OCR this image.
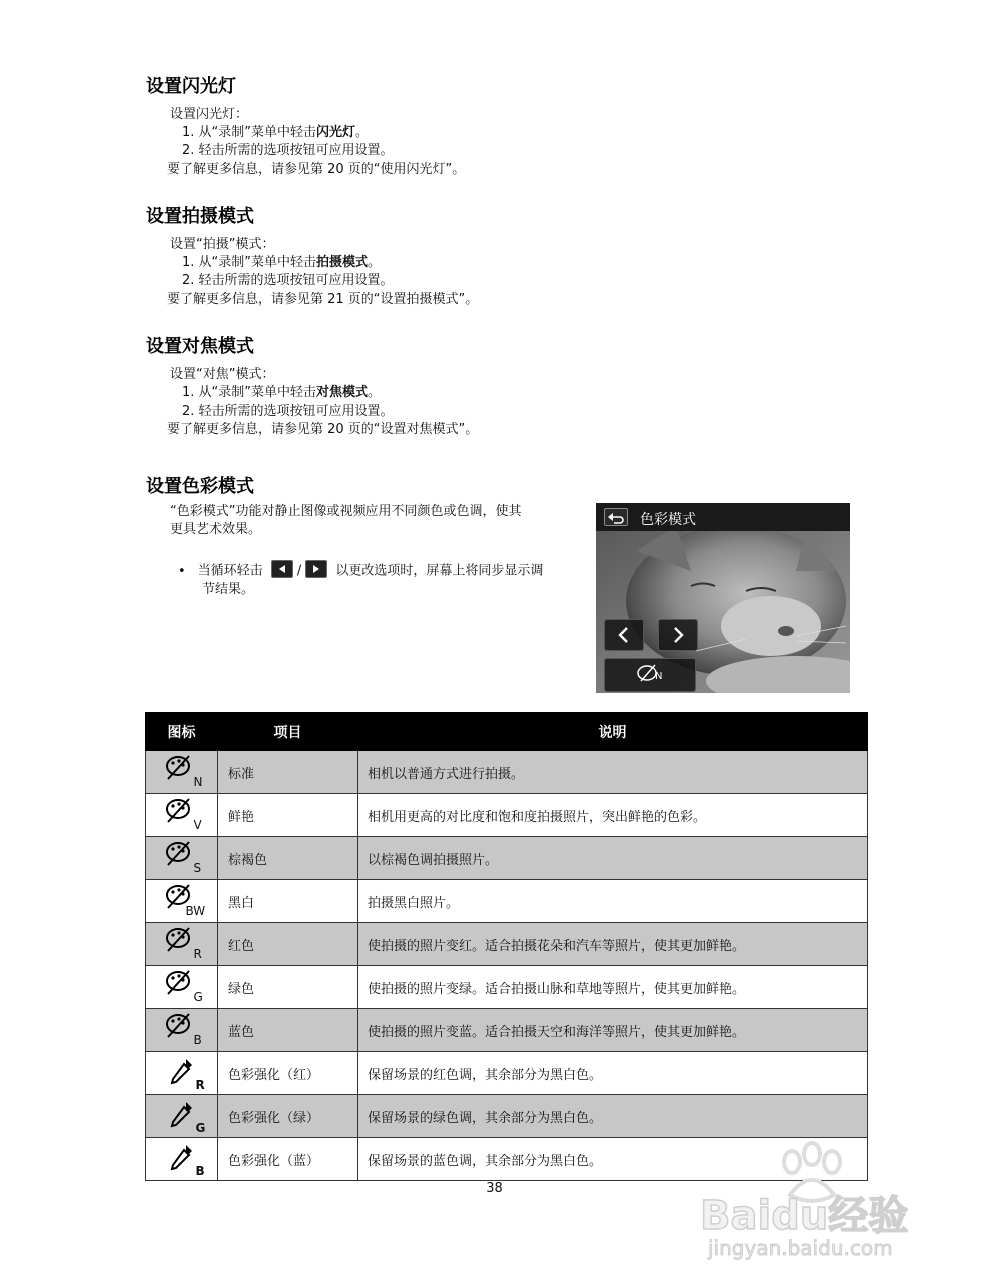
设置闪光灯
设置闪光灯：
1. 从“录制”菜单中轻击闪光灯。
2. 轻击所需的选项按钮可应用设置。
要了解更多信息，请参见第 20 页的“使用闪光灯”。
设置拍摄模式
设置“拍摄”模式：
1. 从“录制”菜单中轻击拍摄模式。
2. 轻击所需的选项按钮可应用设置。
要了解更多信息，请参见第 21 页的“设置拍摄模式”。
设置对焦模式
设置“对焦”模式：
1. 从“录制”菜单中轻击对焦模式。
2. 轻击所需的选项按钮可应用设置。
要了解更多信息，请参见第 20 页的“设置对焦模式”。
设置色彩模式
“色彩模式”功能对静止图像或视频应用不同颜色或色调，使其
更具艺术效果。
• 当循环轻击	/	以更改选项时，屏幕上将同步显示调
节结果。
色彩模式
N
图标	项目	说明

N	标准	相机以普通方式进行拍摄。

V	鲜艳	相机用更高的对比度和饱和度拍摄照片，突出鲜艳的色彩。

S	棕褐色	以棕褐色调拍摄照片。

BW	黑白	拍摄黑白照片。

R	红色	使拍摄的照片变红。适合拍摄花朵和汽车等照片，使其更加鲜艳。

G	绿色	使拍摄的照片变绿。适合拍摄山脉和草地等照片，使其更加鲜艳。

B	蓝色	使拍摄的照片变蓝。适合拍摄天空和海洋等照片，使其更加鲜艳。

R	色彩强化（红）	保留场景的红色调，其余部分为黑白色。

G	色彩强化（绿）	保留场景的绿色调，其余部分为黑白色。

B	色彩强化（蓝）	保留场景的蓝色调，其余部分为黑白色。
38
Baidu经验
jingyan.baidu.com
